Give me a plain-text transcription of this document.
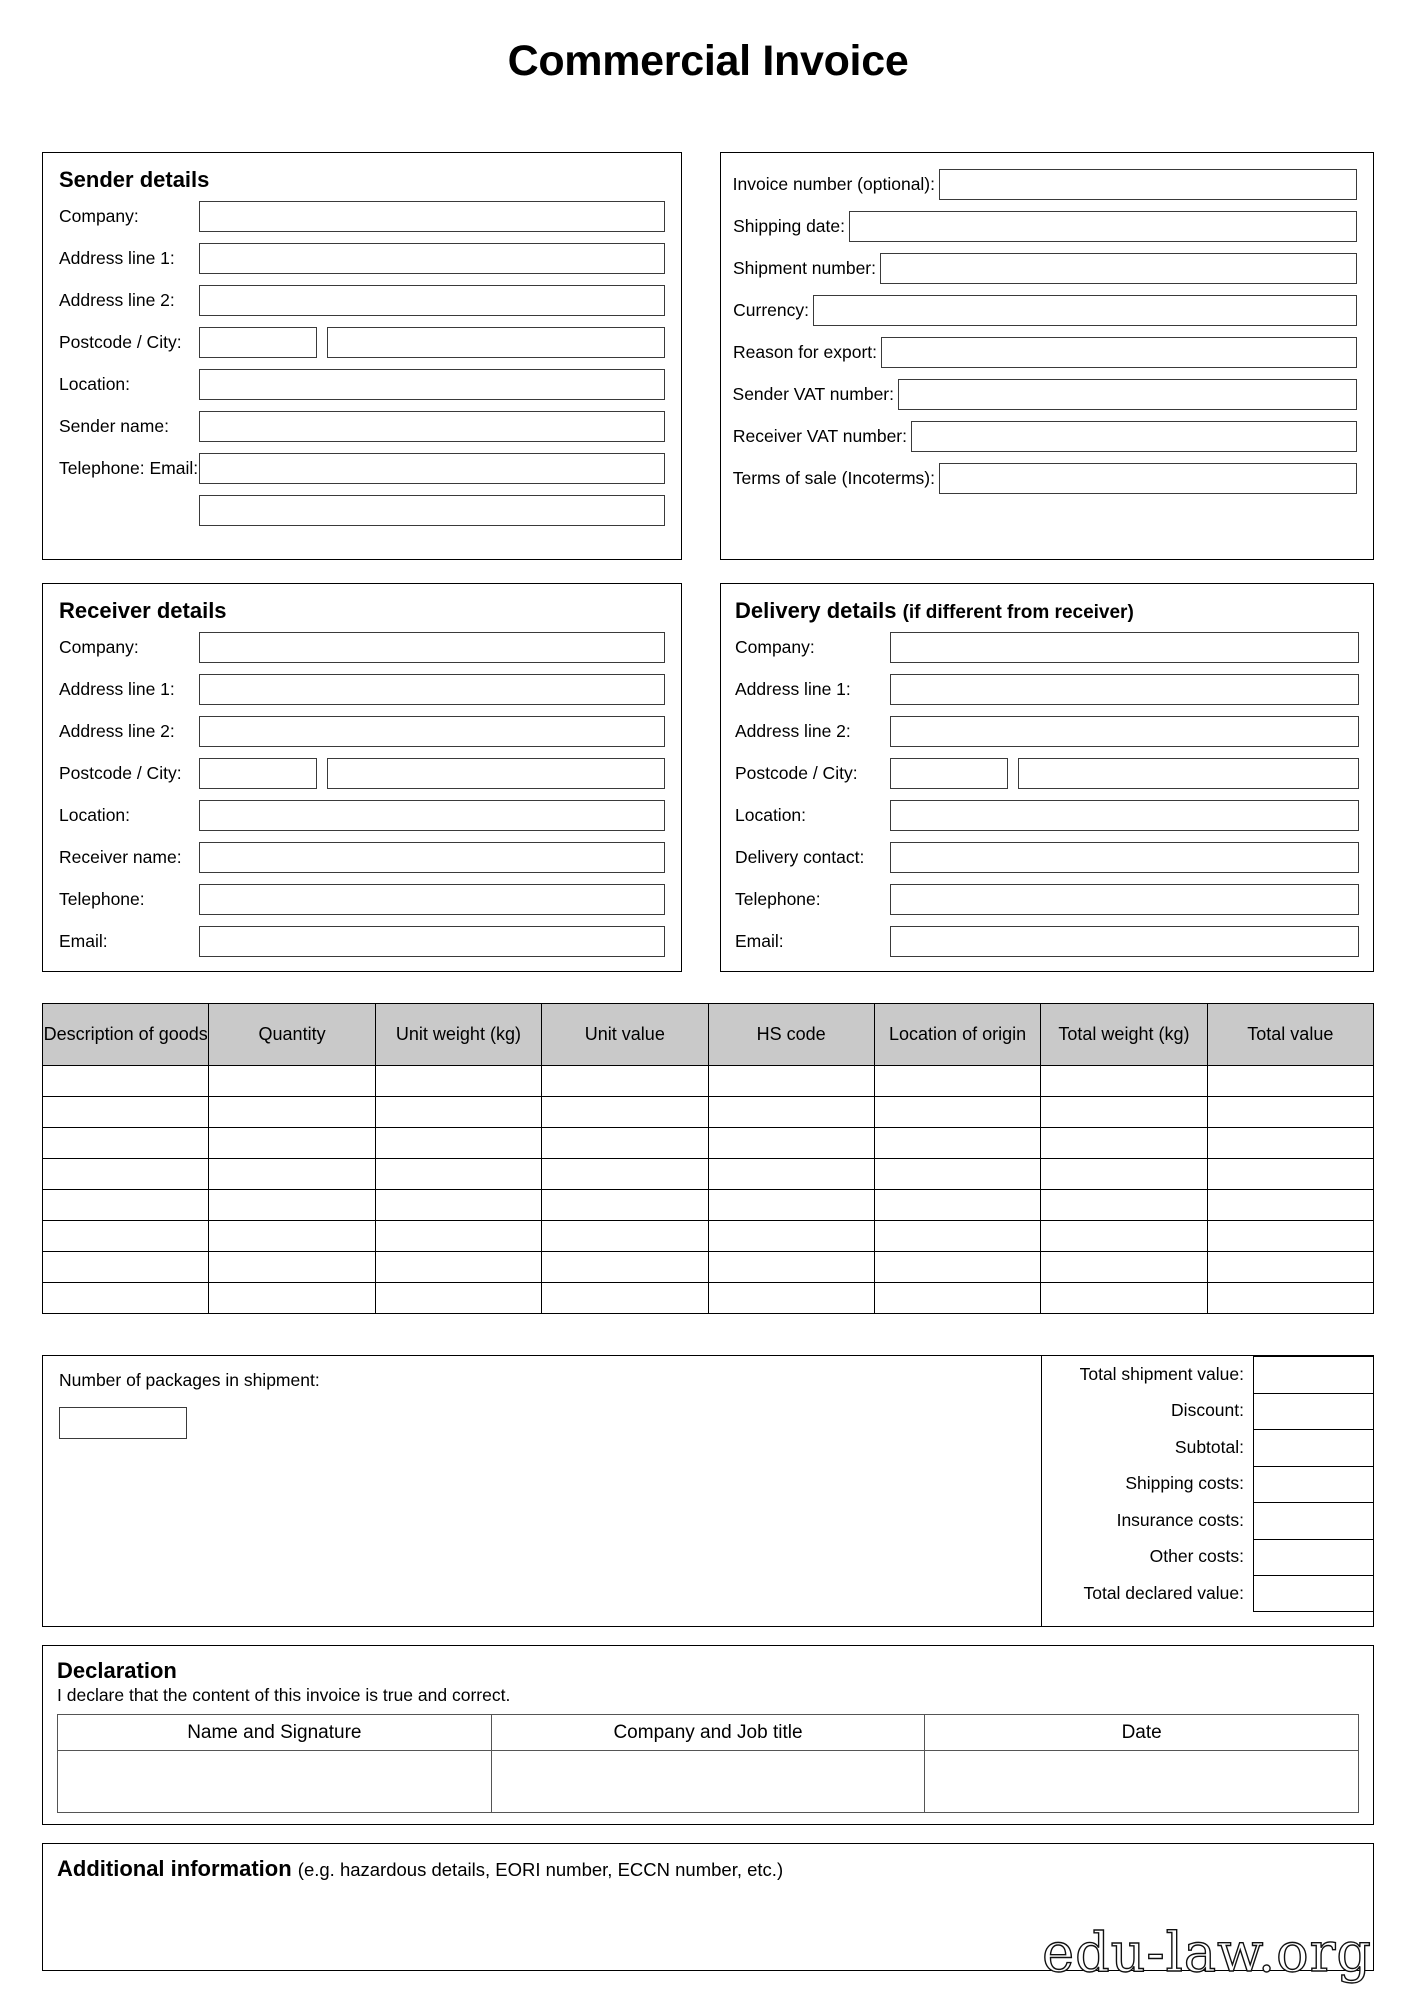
Commercial Invoice
Sender details
Company:
Address line 1:
Address line 2:
Postcode / City:
Location:
Sender name:
Telephone: Email:
Invoice number (optional):
Shipping date:
Shipment number:
Currency:
Reason for export:
Sender VAT number:
Receiver VAT number:
Terms of sale (Incoterms):
Receiver details
Company:
Address line 1:
Address line 2:
Postcode / City:
Location:
Receiver name:
Telephone:
Email:
Delivery details (if different from receiver)
Company:
Address line 1:
Address line 2:
Postcode / City:
Location:
Delivery contact:
Telephone:
Email:
Description of goods	Quantity	Unit weight (kg)	Unit value	HS code	Location of origin	Total weight (kg)	Total value

Number of packages in shipment:	Total shipment value:
Discount:
Subtotal:
Shipping costs:
Insurance costs:
Other costs:
Total declared value:
Declaration
I declare that the content of this invoice is true and correct.
Name and Signature	Company and Job title	Date

Additional information (e.g. hazardous details, EORI number, ECCN number, etc.)
edu-law.org
